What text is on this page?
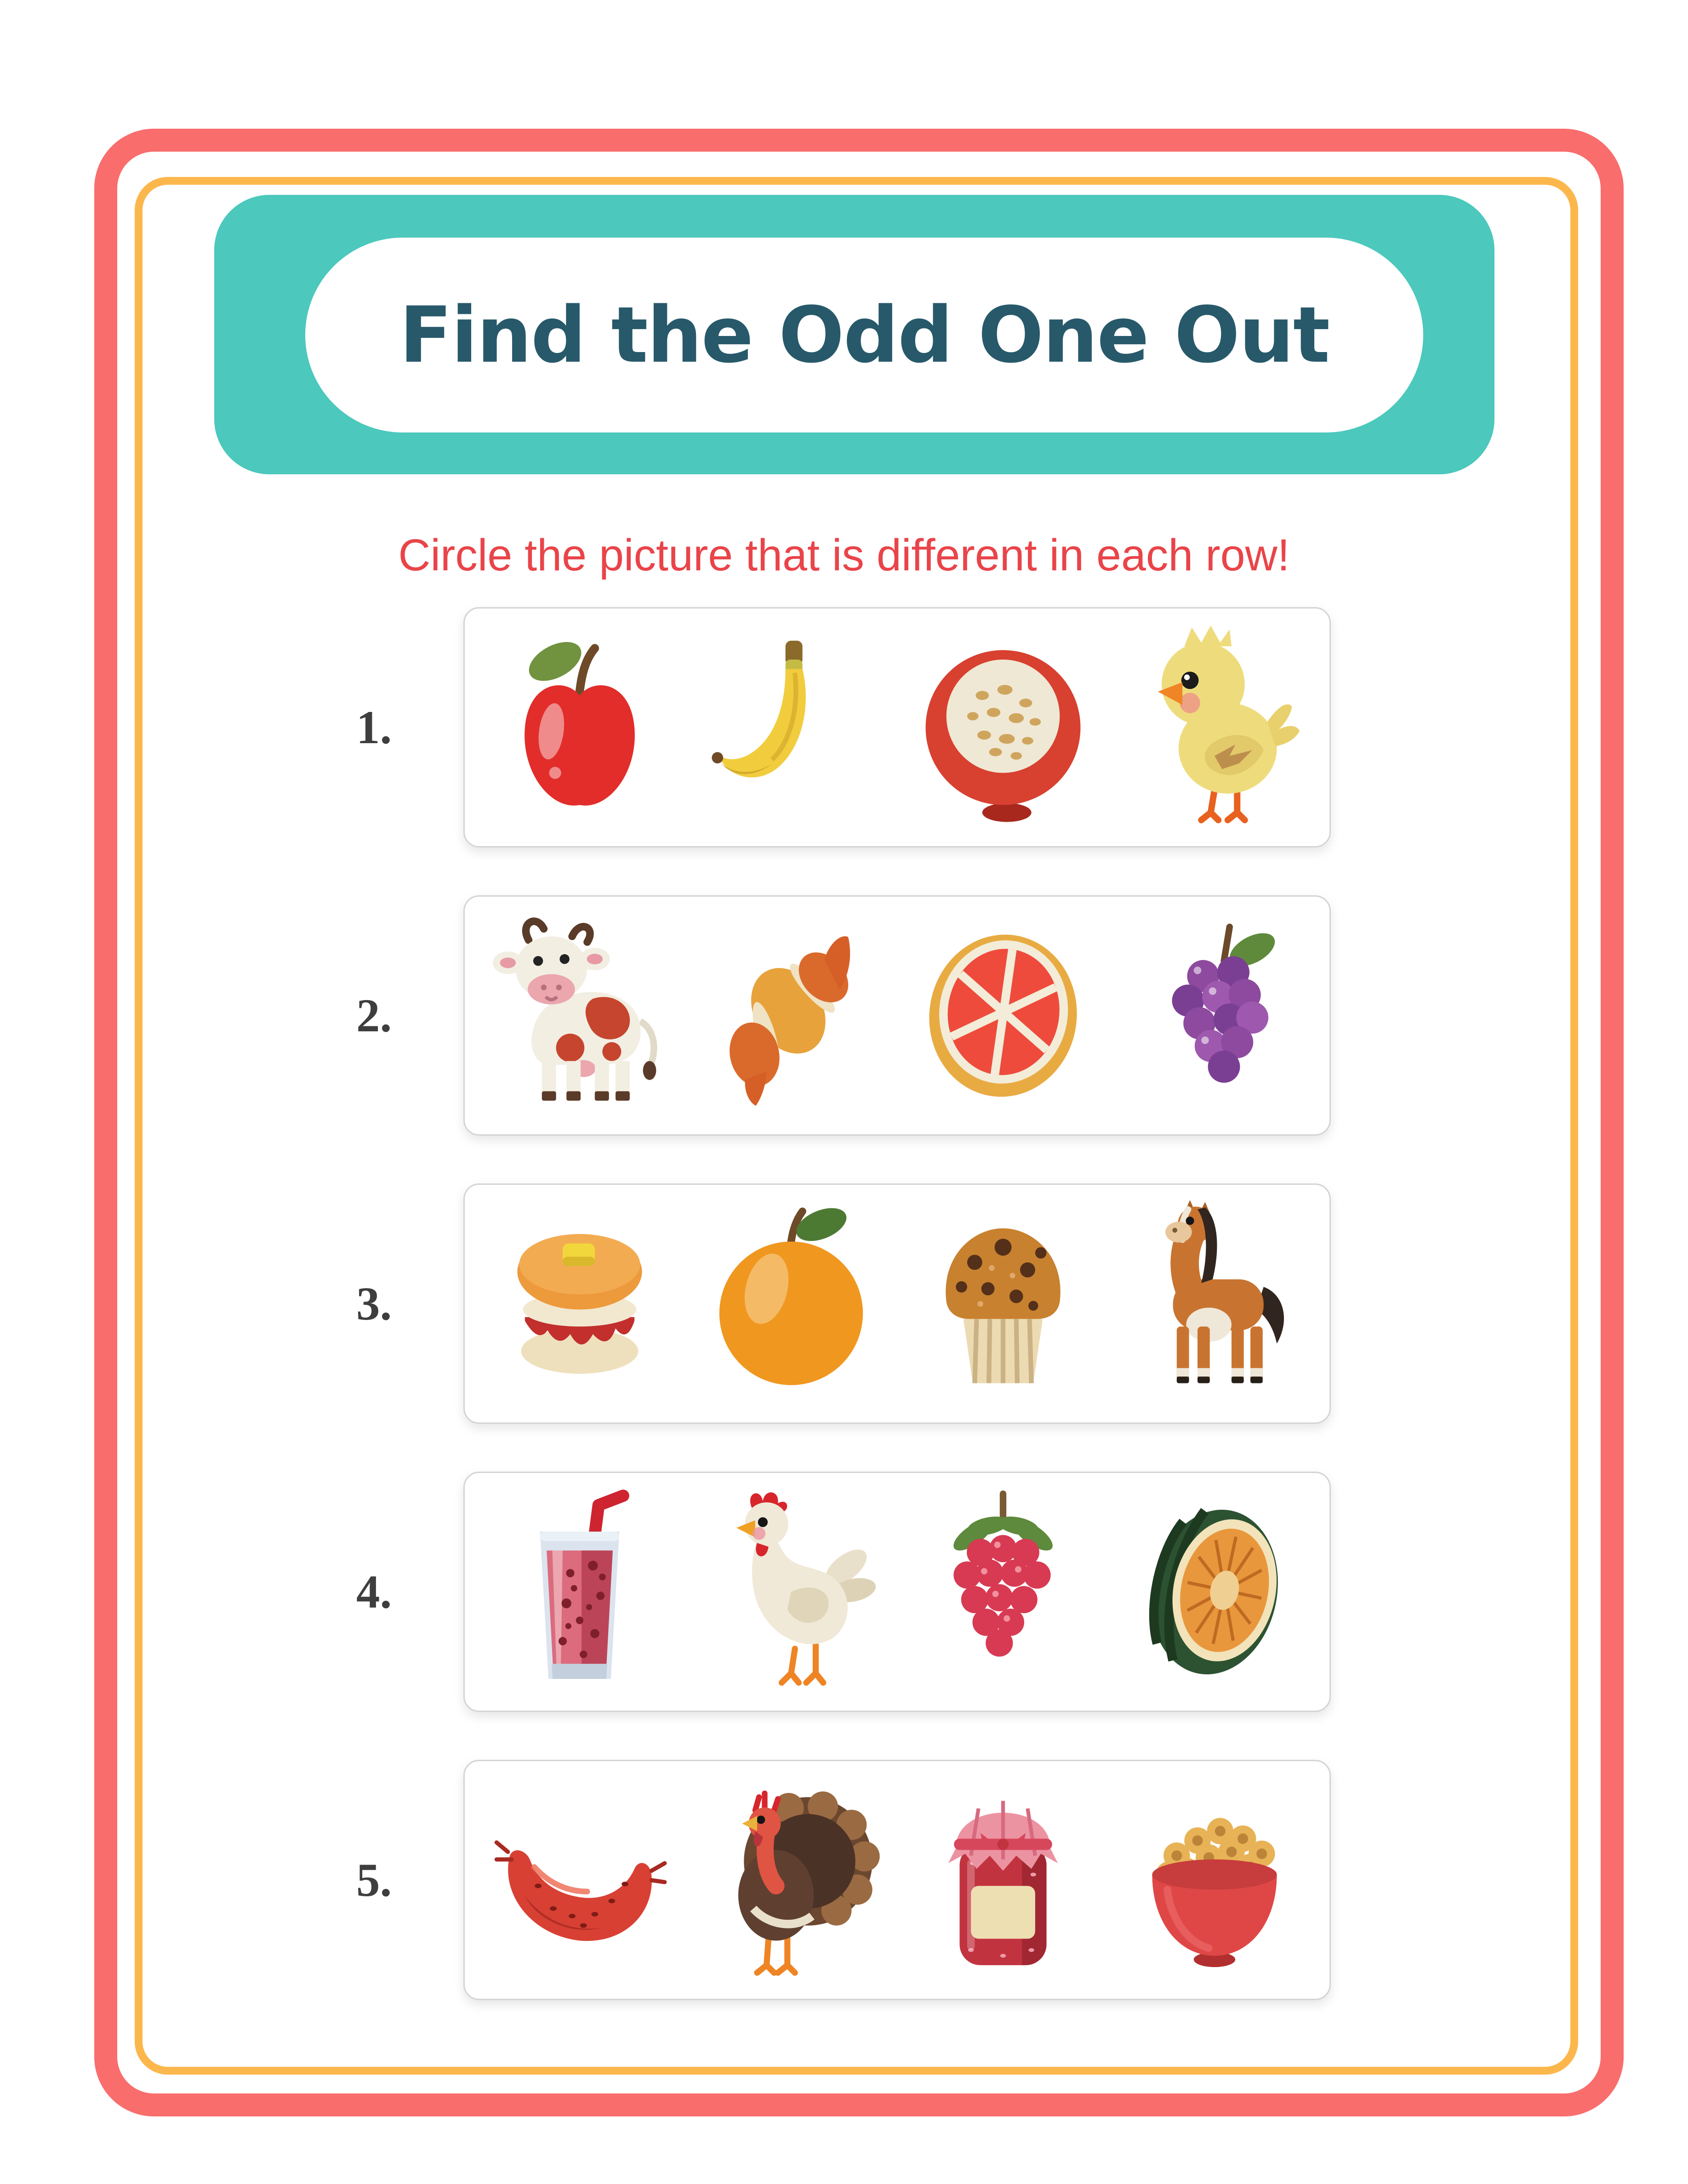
Find the Odd One Out
Circle the picture that is different in each row!
1.
2.
3.
4.
5.
